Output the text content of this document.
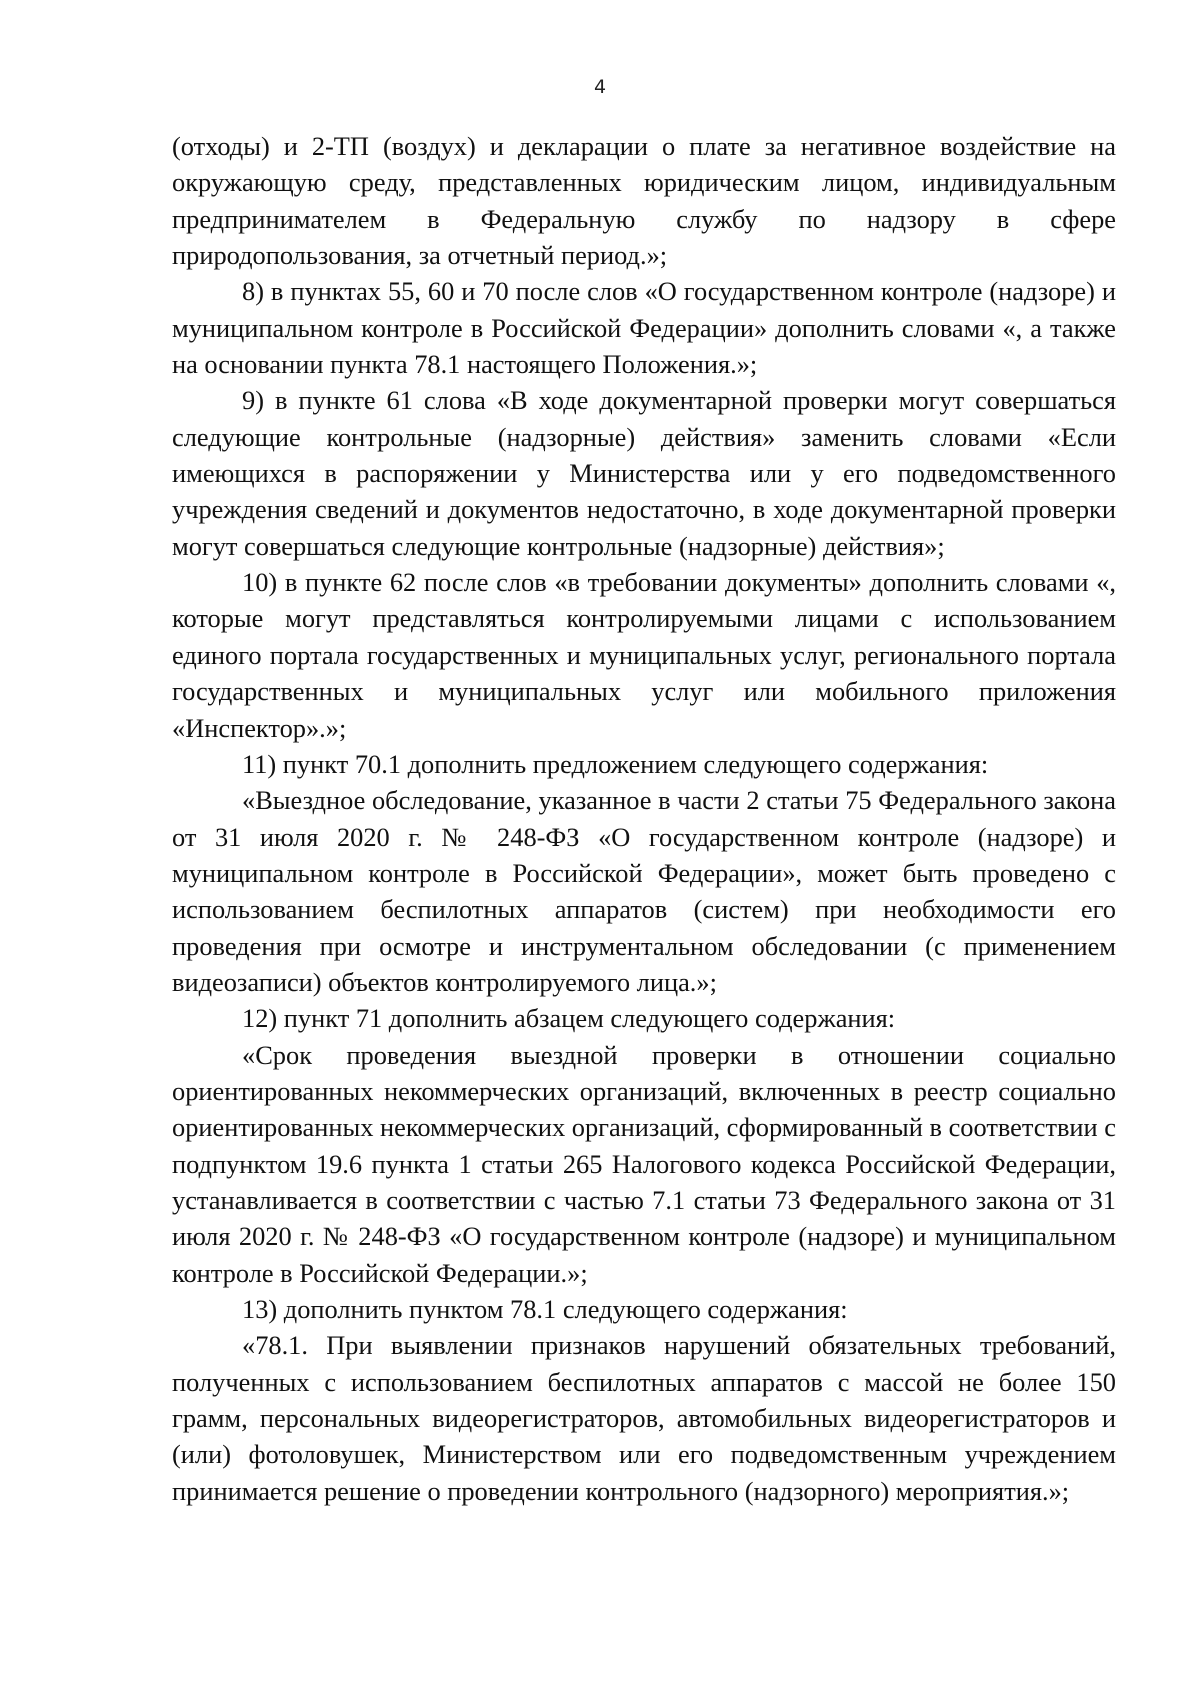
4

(отходы) и 2-ТП (воздух) и декларации о плате за негативное воздействие на окружающую среду, представленных юридическим лицом, индивидуальным предпринимателем в Федеральную службу по надзору в сфере природопользования, за отчетный период.»;

8) в пунктах 55, 60 и 70 после слов «О государственном контроле (надзоре) и муниципальном контроле в Российской Федерации» дополнить словами «, а также на основании пункта 78.1 настоящего Положения.»;

9) в пункте 61 слова «В ходе документарной проверки могут совершаться следующие контрольные (надзорные) действия» заменить словами «Если имеющихся в распоряжении у Министерства или у его подведомственного учреждения сведений и документов недостаточно, в ходе документарной проверки могут совершаться следующие контрольные (надзорные) действия»;

10) в пункте 62 после слов «в требовании документы» дополнить словами «, которые могут представляться контролируемыми лицами с использованием единого портала государственных и муниципальных услуг, регионального портала государственных и муниципальных услуг или мобильного приложения «Инспектор».»;

11) пункт 70.1 дополнить предложением следующего содержания:

«Выездное обследование, указанное в части 2 статьи 75 Федерального закона от 31 июля 2020 г. № 248-ФЗ «О государственном контроле (надзоре) и муниципальном контроле в Российской Федерации», может быть проведено с использованием беспилотных аппаратов (систем) при необходимости его проведения при осмотре и инструментальном обследовании (с применением видеозаписи) объектов контролируемого лица.»;

12) пункт 71 дополнить абзацем следующего содержания:

«Срок проведения выездной проверки в отношении социально ориентированных некоммерческих организаций, включенных в реестр социально ориентированных некоммерческих организаций, сформированный в соответствии с подпунктом 19.6 пункта 1 статьи 265 Налогового кодекса Российской Федерации, устанавливается в соответствии с частью 7.1 статьи 73 Федерального закона от 31 июля 2020 г. № 248-ФЗ «О государственном контроле (надзоре) и муниципальном контроле в Российской Федерации.»;

13) дополнить пунктом 78.1 следующего содержания:

«78.1. При выявлении признаков нарушений обязательных требований, полученных с использованием беспилотных аппаратов с массой не более 150 грамм, персональных видеорегистраторов, автомобильных видеорегистраторов и (или) фотоловушек, Министерством или его подведомственным учреждением принимается решение о проведении контрольного (надзорного) мероприятия.»;
